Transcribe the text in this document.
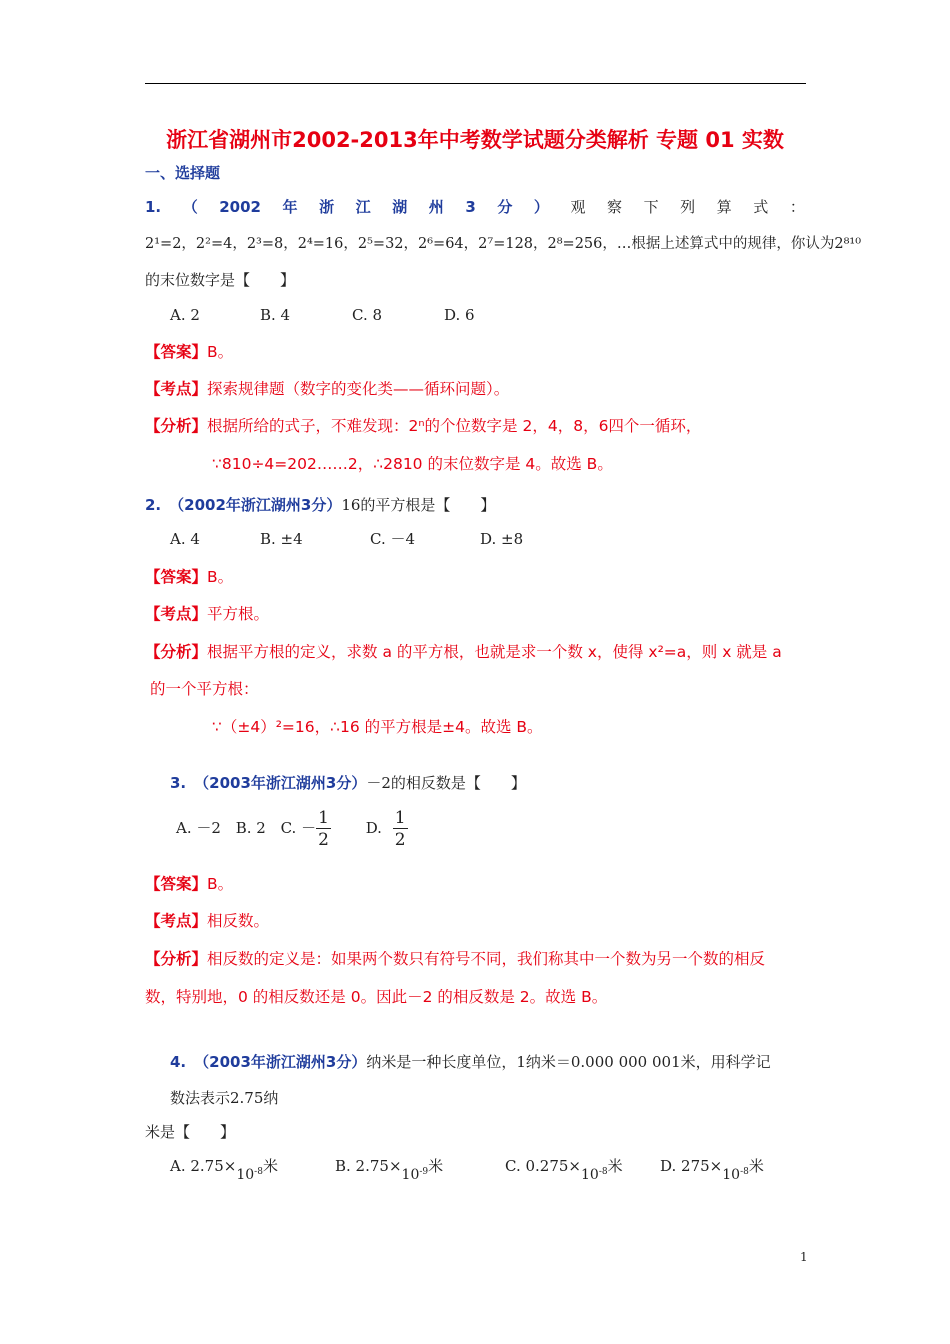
浙江省湖州市2002-2013年中考数学试题分类解析 专题 01 实数
一、选择题
1. （ 2002 年 浙 江 湖 州 3 分 ） 观 察 下 列 算 式 ：
2¹=2，2²=4，2³=8，2⁴=16，2⁵=32，2⁶=64，2⁷=128，2⁸=256，…根据上述算式中的规律，你认为2⁸¹⁰
的末位数字是【　　】
A. 2	B. 4	C. 8	D. 6
【答案】B。
【考点】探索规律题（数字的变化类——循环问题）。
【分析】根据所给的式子，不难发现：2ⁿ的个位数字是 2，4，8，6四个一循环，
∵810÷4=202……2，∴2810 的末位数字是 4。故选 B。
2. （2002年浙江湖州3分）16的平方根是【　　】
A. 4	B. ±4	C. －4	D. ±8
【答案】B。
【考点】平方根。
【分析】根据平方根的定义，求数 a 的平方根，也就是求一个数 x，使得 x²=a，则 x 就是 a
的一个平方根：
∵（±4）²=16，∴16 的平方根是±4。故选 B。
3. （2003年浙江湖州3分）－2的相反数是【　　】
A. －2 B. 2 C. － $\frac{1}{2} D$. $\frac{1}{2}$
【答案】B。
【考点】相反数。
【分析】相反数的定义是：如果两个数只有符号不同，我们称其中一个数为另一个数的相反
数，特别地，0 的相反数还是 0。因此－2 的相反数是 2。故选 B。
4. （2003年浙江湖州3分）纳米是一种长度单位，1纳米＝0.000 000 001米，用科学记
数法表示2.75纳
米是【　　】
A. $2.75\times 10^{-8}$米	B. $2.75\times 10^{-9}$米	C. $0.275\times 10^{-8}$米 D. $275\times 10^{-8}$米
1
